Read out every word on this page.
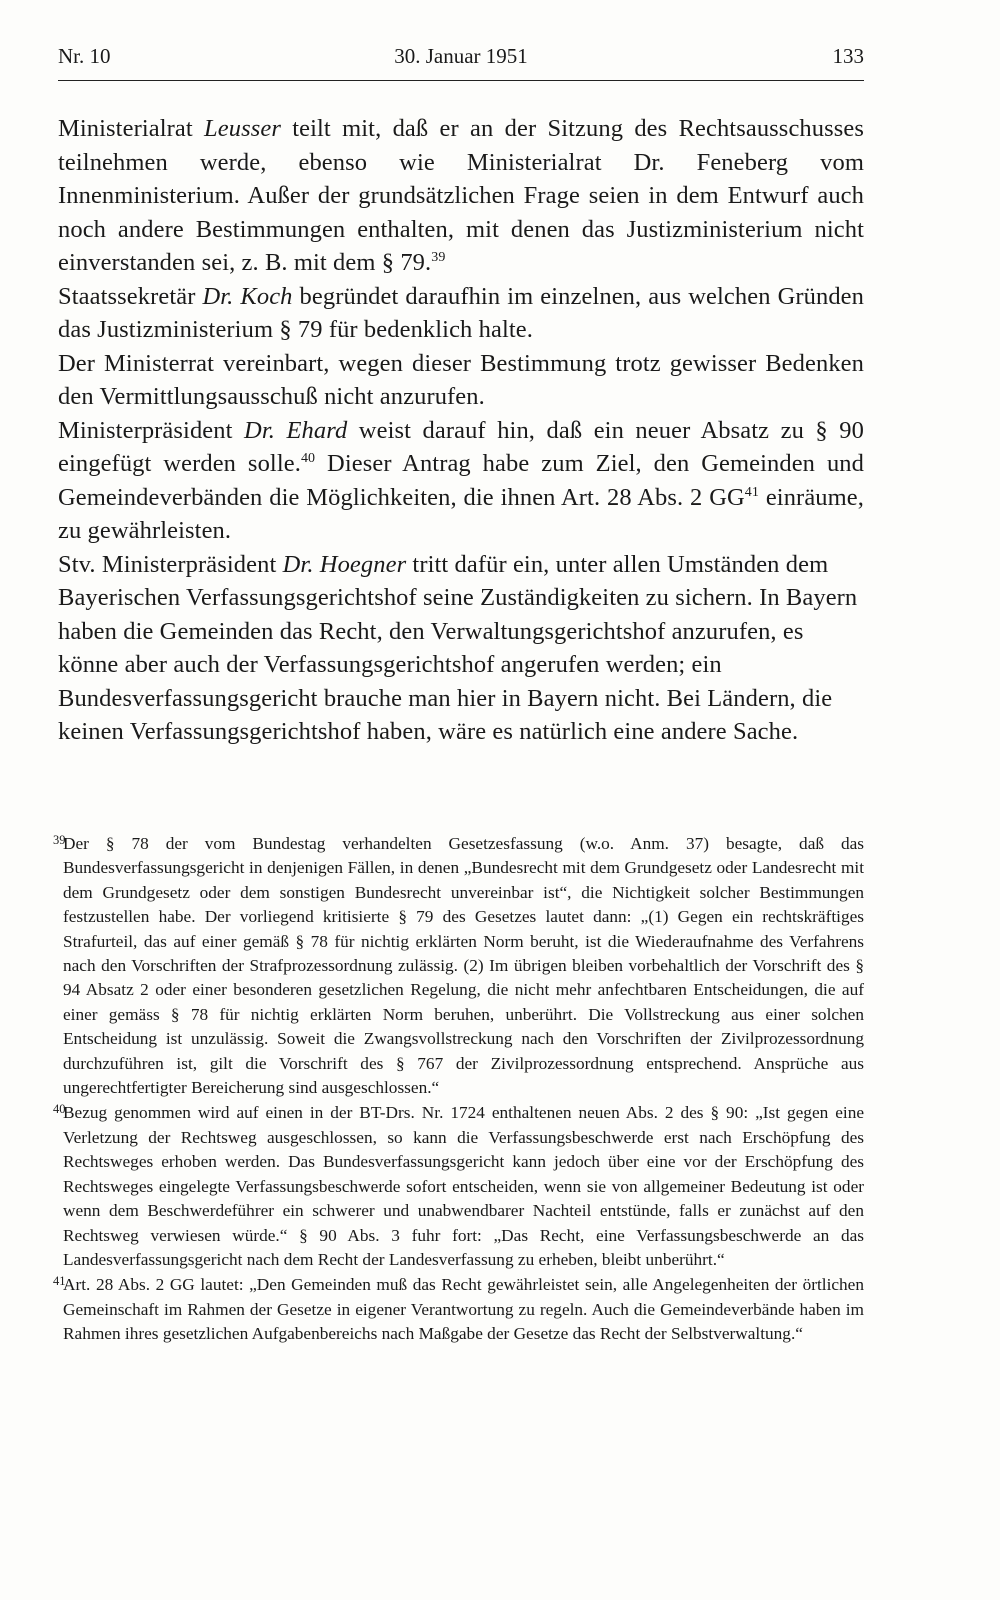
Nr. 10	30. Januar 1951	133

Ministerialrat Leusser teilt mit, daß er an der Sitzung des Rechtsausschusses teilnehmen werde, ebenso wie Ministerialrat Dr. Feneberg vom Innenministerium. Außer der grundsätzlichen Frage seien in dem Entwurf auch noch andere Bestimmungen enthalten, mit denen das Justizministerium nicht einverstanden sei, z. B. mit dem § 79.39

Staatssekretär Dr. Koch begründet daraufhin im einzelnen, aus welchen Gründen das Justizministerium § 79 für bedenklich halte.

Der Ministerrat vereinbart, wegen dieser Bestimmung trotz gewisser Bedenken den Vermittlungsausschuß nicht anzurufen.

Ministerpräsident Dr. Ehard weist darauf hin, daß ein neuer Absatz zu § 90 eingefügt werden solle.$^{40}$ Dieser Antrag habe zum Ziel, den Gemeinden und Gemeindeverbänden die Möglichkeiten, die ihnen Art. 28 Abs. 2 GG$^{41}$ einräume, zu gewährleisten.

Stv. Ministerpräsident Dr. Hoegner tritt dafür ein, unter allen Umständen dem Bayerischen Verfassungsgerichtshof seine Zuständigkeiten zu sichern. In Bayern haben die Gemeinden das Recht, den Verwaltungsgerichtshof anzurufen, es könne aber auch der Verfassungsgerichtshof angerufen werden; ein Bundesverfassungsgericht brauche man hier in Bayern nicht. Bei Ländern, die keinen Verfassungsgerichtshof haben, wäre es natürlich eine andere Sache.

39
Der § 78 der vom Bundestag verhandelten Gesetzesfassung (w.o. Anm. 37) besagte, daß das Bundesverfassungsgericht in denjenigen Fällen, in denen „Bundesrecht mit dem Grundgesetz oder Landesrecht mit dem Grundgesetz oder dem sonstigen Bundesrecht unvereinbar ist“, die Nichtigkeit solcher Bestimmungen festzustellen habe. Der vorliegend kritisierte § 79 des Gesetzes lautet dann: „(1) Gegen ein rechtskräftiges Strafurteil, das auf einer gemäß § 78 für nichtig erklärten Norm beruht, ist die Wiederaufnahme des Verfahrens nach den Vorschriften der Strafprozessordnung zulässig. (2) Im übrigen bleiben vorbehaltlich der Vorschrift des § 94 Absatz 2 oder einer besonderen gesetzlichen Regelung, die nicht mehr anfechtbaren Entscheidungen, die auf einer gemäss § 78 für nichtig erklärten Norm beruhen, unberührt. Die Vollstreckung aus einer solchen Entscheidung ist unzulässig. Soweit die Zwangsvollstreckung nach den Vorschriften der Zivilprozessordnung durchzuführen ist, gilt die Vorschrift des § 767 der Zivilprozessordnung entsprechend. Ansprüche aus ungerechtfertigter Bereicherung sind ausgeschlossen.“
40
Bezug genommen wird auf einen in der BT-Drs. Nr. 1724 enthaltenen neuen Abs. 2 des § 90: „Ist gegen eine Verletzung der Rechtsweg ausgeschlossen, so kann die Verfassungsbeschwerde erst nach Erschöpfung des Rechtsweges erhoben werden. Das Bundesverfassungsgericht kann jedoch über eine vor der Erschöpfung des Rechtsweges eingelegte Verfassungsbeschwerde sofort entscheiden, wenn sie von allgemeiner Bedeutung ist oder wenn dem Beschwerdeführer ein schwerer und unabwendbarer Nachteil entstünde, falls er zunächst auf den Rechtsweg verwiesen würde.“ § 90 Abs. 3 fuhr fort: „Das Recht, eine Verfassungsbeschwerde an das Landesverfassungsgericht nach dem Recht der Landesverfassung zu erheben, bleibt unberührt.“
41
Art. 28 Abs. 2 GG lautet: „Den Gemeinden muß das Recht gewährleistet sein, alle Angelegenheiten der örtlichen Gemeinschaft im Rahmen der Gesetze in eigener Verantwortung zu regeln. Auch die Gemeindeverbände haben im Rahmen ihres gesetzlichen Aufgabenbereichs nach Maßgabe der Gesetze das Recht der Selbstverwaltung.“
